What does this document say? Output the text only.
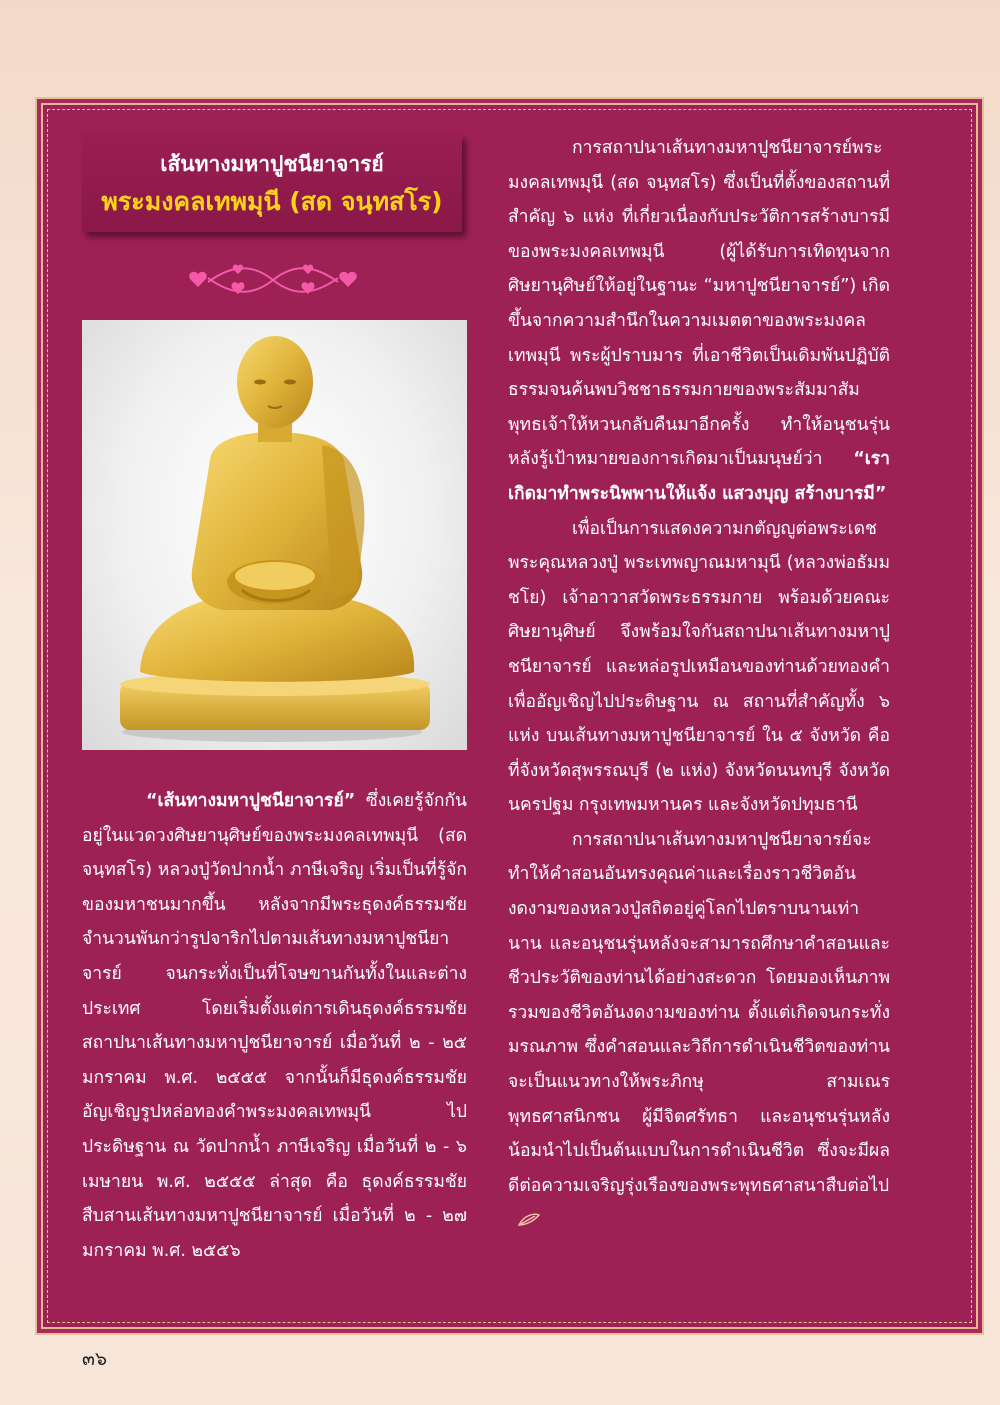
เส้นทางมหาปูชนียาจารย์
พระมงคลเทพมุนี (สด จนฺทสโร)

“เส้นทางมหาปูชนียาจารย์” ซึ่งเคยรู้จักกันอยู่ในแวดวงศิษยานุศิษย์ของพระมงคลเทพมุนี (สด จนฺทสโร) หลวงปู่วัดปากน้ำ ภาษีเจริญ เริ่มเป็นที่รู้จักของมหาชนมากขึ้น หลังจากมีพระธุดงค์ธรรมชัยจำนวนพันกว่ารูปจาริกไปตามเส้นทางมหาปูชนียาจารย์ จนกระทั่งเป็นที่โจษขานกันทั้งในและต่างประเทศ โดยเริ่มตั้งแต่การเดินธุดงค์ธรรมชัยสถาปนาเส้นทางมหาปูชนียาจารย์ เมื่อวันที่ ๒ - ๒๕ มกราคม พ.ศ. ๒๕๕๕ จากนั้นก็มีธุดงค์ธรรมชัยอัญเชิญรูปหล่อทองคำพระมงคลเทพมุนี ไปประดิษฐาน ณ วัดปากน้ำ ภาษีเจริญ เมื่อวันที่ ๒ - ๖ เมษายน พ.ศ. ๒๕๕๕ ล่าสุด คือ ธุดงค์ธรรมชัยสืบสานเส้นทางมหาปูชนียาจารย์ เมื่อวันที่ ๒ - ๒๗ มกราคม พ.ศ. ๒๕๕๖

การสถาปนาเส้นทางมหาปูชนียาจารย์พระมงคลเทพมุนี (สด จนฺทสโร) ซึ่งเป็นที่ตั้งของสถานที่สำคัญ ๖ แห่ง ที่เกี่ยวเนื่องกับประวัติการสร้างบารมีของพระมงคลเทพมุนี (ผู้ได้รับการเทิดทูนจากศิษยานุศิษย์ให้อยู่ในฐานะ “มหาปูชนียาจารย์”) เกิดขึ้นจากความสำนึกในความเมตตาของพระมงคลเทพมุนี พระผู้ปราบมาร ที่เอาชีวิตเป็นเดิมพันปฏิบัติธรรมจนค้นพบวิชชาธรรมกายของพระสัมมาสัมพุทธเจ้าให้หวนกลับคืนมาอีกครั้ง ทำให้อนุชนรุ่นหลังรู้เป้าหมายของการเกิดมาเป็นมนุษย์ว่า “เราเกิดมาทำพระนิพพานให้แจ้ง แสวงบุญ สร้างบารมี”
เพื่อเป็นการแสดงความกตัญญูต่อพระเดชพระคุณหลวงปู่ พระเทพญาณมหามุนี (หลวงพ่อธัมมชโย) เจ้าอาวาสวัดพระธรรมกาย พร้อมด้วยคณะศิษยานุศิษย์ จึงพร้อมใจกันสถาปนาเส้นทางมหาปูชนียาจารย์ และหล่อรูปเหมือนของท่านด้วยทองคำ เพื่ออัญเชิญไปประดิษฐาน ณ สถานที่สำคัญทั้ง ๖ แห่ง บนเส้นทางมหาปูชนียาจารย์ ใน ๕ จังหวัด คือ ที่จังหวัดสุพรรณบุรี (๒ แห่ง) จังหวัดนนทบุรี จังหวัดนครปฐม กรุงเทพมหานคร และจังหวัดปทุมธานี
การสถาปนาเส้นทางมหาปูชนียาจารย์จะทำให้คำสอนอันทรงคุณค่าและเรื่องราวชีวิตอันงดงามของหลวงปู่สถิตอยู่คู่โลกไปตราบนานเท่านาน และอนุชนรุ่นหลังจะสามารถศึกษาคำสอนและชีวประวัติของท่านได้อย่างสะดวก โดยมองเห็นภาพรวมของชีวิตอันงดงามของท่าน ตั้งแต่เกิดจนกระทั่งมรณภาพ ซึ่งคำสอนและวิถีการดำเนินชีวิตของท่านจะเป็นแนวทางให้พระภิกษุ สามเณร พุทธศาสนิกชน ผู้มีจิตศรัทธา และอนุชนรุ่นหลังน้อมนำไปเป็นต้นแบบในการดำเนินชีวิต ซึ่งจะมีผลดีต่อความเจริญรุ่งเรืองของพระพุทธศาสนาสืบต่อไป
๓๖
